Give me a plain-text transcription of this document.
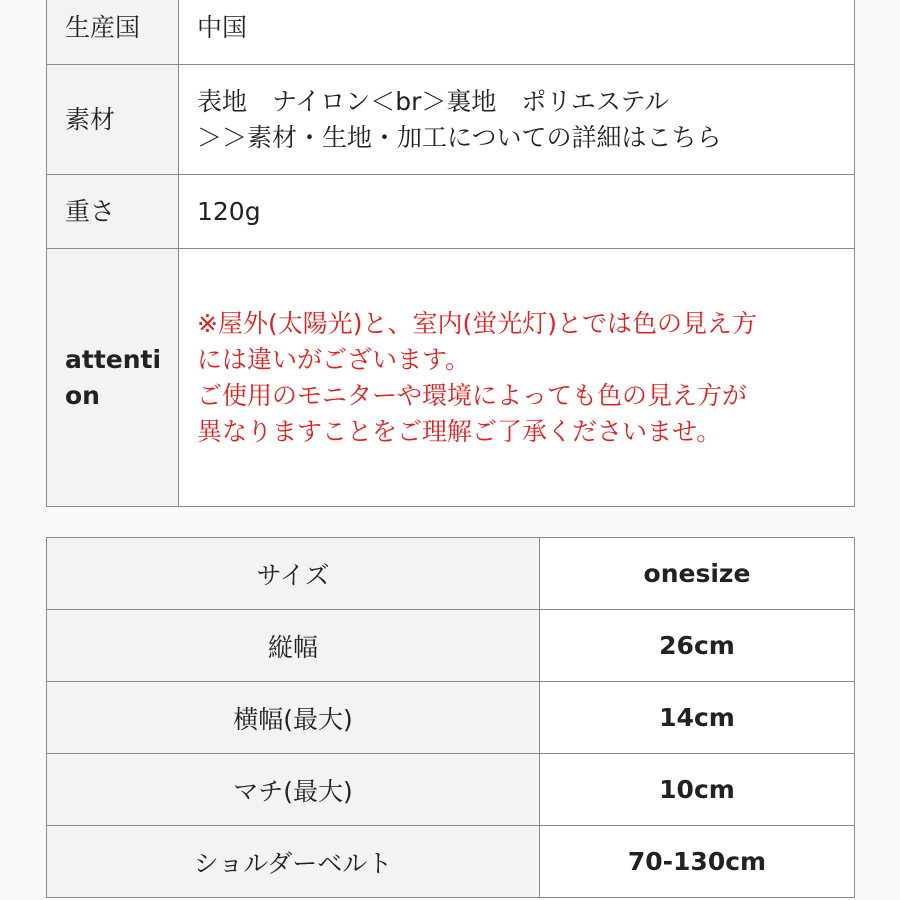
生産国	中国
素材	表地　ナイロン＜br＞裏地　ポリエステル
＞＞素材・生地・加工についての詳細はこちら

重さ	120g

attenti
on	※屋外(太陽光)と、室内(蛍光灯)とでは色の見え方
には違いがございます。
ご使用のモニターや環境によっても色の見え方が
異なりますことをご理解ご了承くださいませ。
サイズ	onesize
縦幅	26cm
横幅(最大)	14cm
マチ(最大)	10cm
ショルダーベルト	70-130cm
